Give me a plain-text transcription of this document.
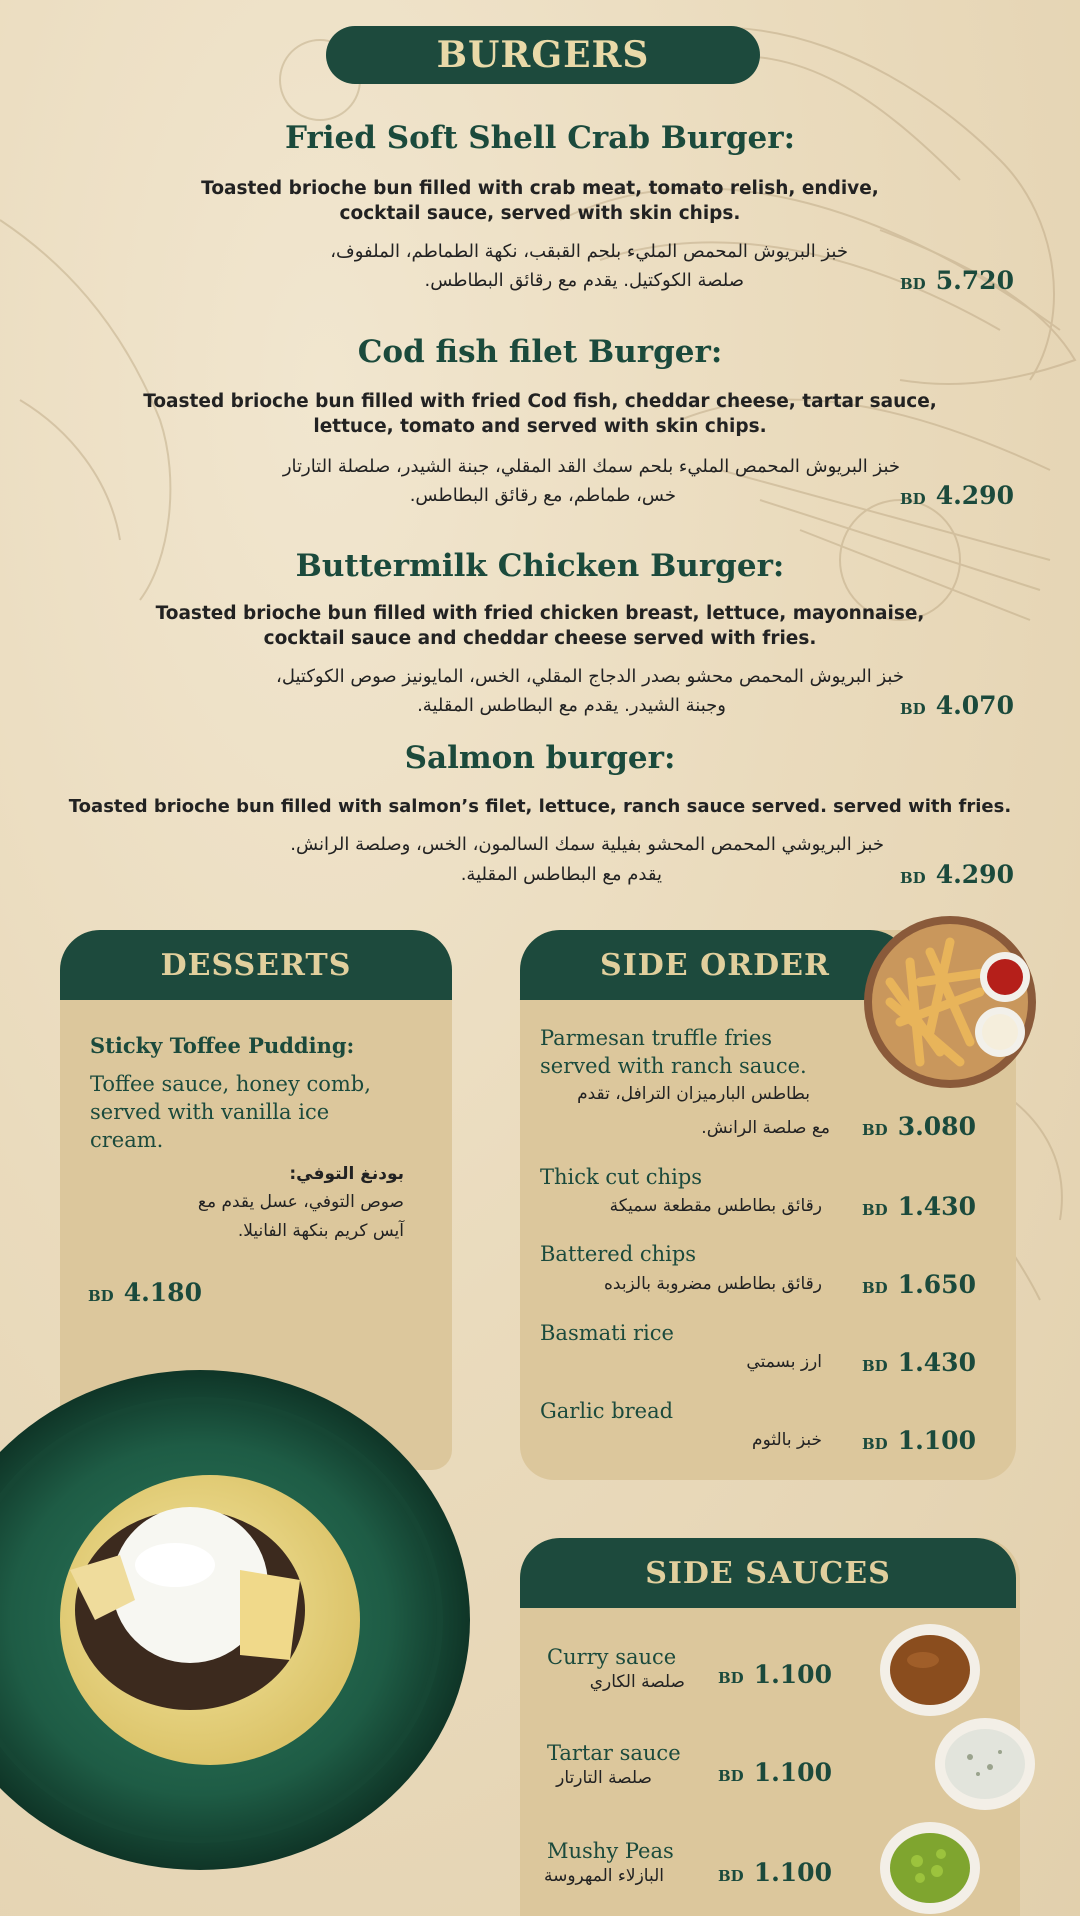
BURGERS
Fried Soft Shell Crab Burger:
Toasted brioche bun filled with crab meat, tomato relish, endive,
cocktail sauce, served with skin chips.
خبز البريوش المحمص المليء بلحم القبقب، نكهة الطماطم، الملفوف،
صلصة الكوكتيل. يقدم مع رقائق البطاطس.	BD 5.720
Cod fish filet Burger:
Toasted brioche bun filled with fried Cod fish, cheddar cheese, tartar sauce,
lettuce, tomato and served with skin chips.
خبز البريوش المحمص المليء بلحم سمك القد المقلي، جبنة الشيدر، صلصلة التارتار
خس، طماطم، مع رقائق البطاطس.	BD 4.290
Buttermilk Chicken Burger:
Toasted brioche bun filled with fried chicken breast, lettuce, mayonnaise,
cocktail sauce and cheddar cheese served with fries.
خبز البريوش المحمص محشو بصدر الدجاج المقلي، الخس، المايونيز صوص الكوكتيل،
وجبنة الشيدر. يقدم مع البطاطس المقلية.	BD 4.070
Salmon burger:
Toasted brioche bun filled with salmon’s filet, lettuce, ranch sauce served. served with fries.
خبز البريوشي المحمص المحشو بفيلية سمك السالمون، الخس، وصلصة الرانش.
يقدم مع البطاطس المقلية.	BD 4.290
DESSERTS
Sticky Toffee Pudding:
Toffee sauce, honey comb,
served with vanilla ice
cream.
بودنغ التوفي:
صوص التوفي، عسل يقدم مع
آيس كريم بنكهة الفانيلا.
BD 4.180
SIDE ORDER
Parmesan truffle fries
served with ranch sauce.
بطاطس البارميزان الترافل، تقدم
مع صلصة الرانش. BD 3.080
Thick cut chips
رقائق بطاطس مقطعة سميكة	BD 1.430
Battered chips
رقائق بطاطس مضروبة بالزبده	BD 1.650
Basmati rice
ارز بسمتي	BD 1.430
Garlic bread
خبز بالثوم	BD 1.100
SIDE SAUCES
Curry sauce
صلصة الكاري BD 1.100
Tartar sauce
صلصة التارتار	BD 1.100
Mushy Peas
البازلاء المهروسة	BD 1.100
